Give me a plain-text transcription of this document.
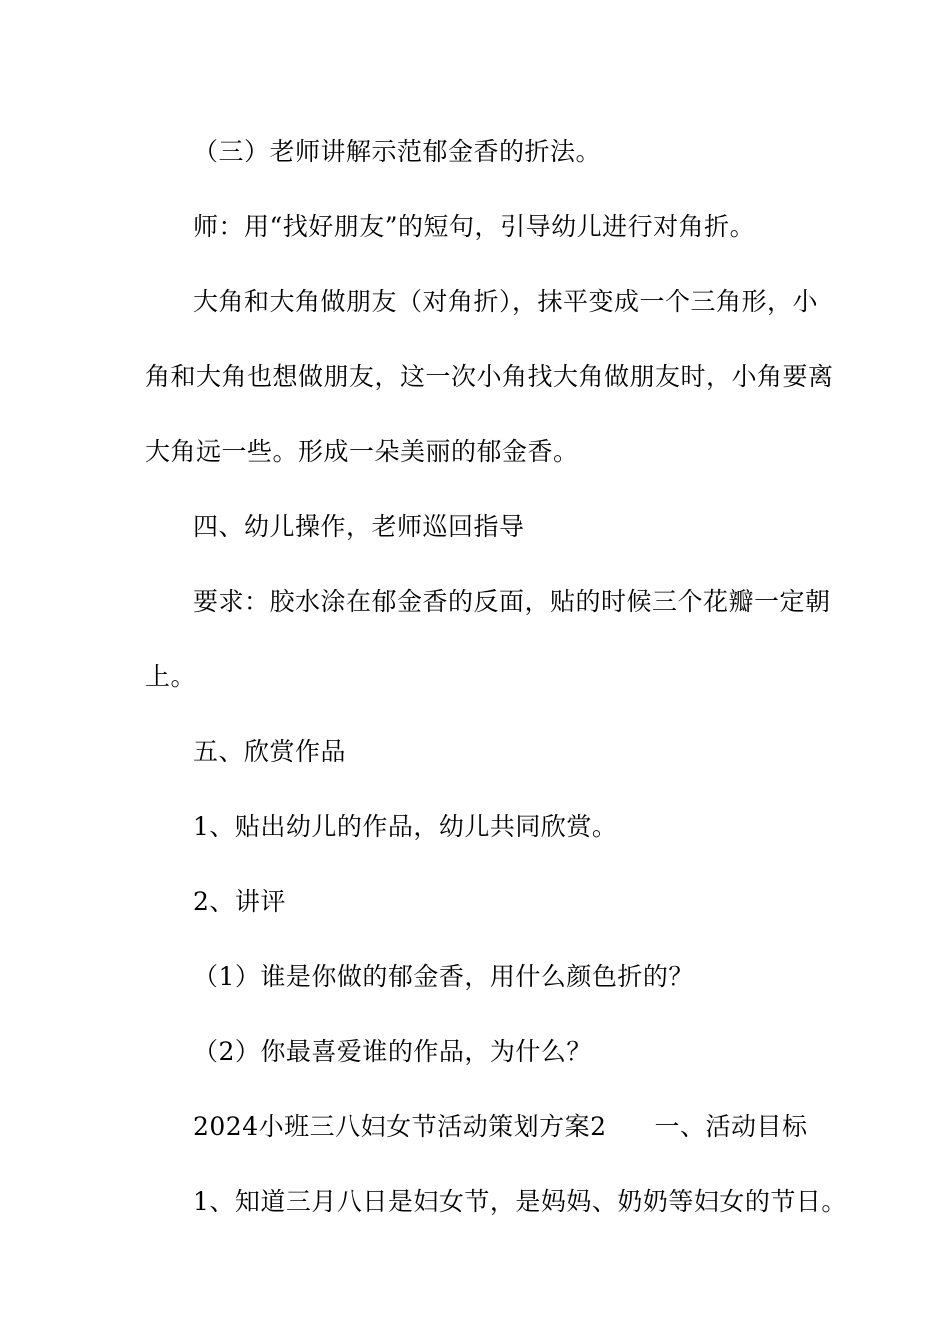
（三）老师讲解示范郁金香的折法。
师：用“找好朋友”的短句，引导幼儿进行对角折。
大角和大角做朋友（对角折），抹平变成一个三角形，小
角和大角也想做朋友，这一次小角找大角做朋友时，小角要离
大角远一些。形成一朵美丽的郁金香。
四、幼儿操作，老师巡回指导
要求：胶水涂在郁金香的反面，贴的时候三个花瓣一定朝
上。
五、欣赏作品
1、贴出幼儿的作品，幼儿共同欣赏。
2、讲评
（1）谁是你做的郁金香，用什么颜色折的？
（2）你最喜爱谁的作品，为什么？
2024小班三八妇女节活动策划方案2 一、活动目标
1、知道三月八日是妇女节，是妈妈、奶奶等妇女的节日。
